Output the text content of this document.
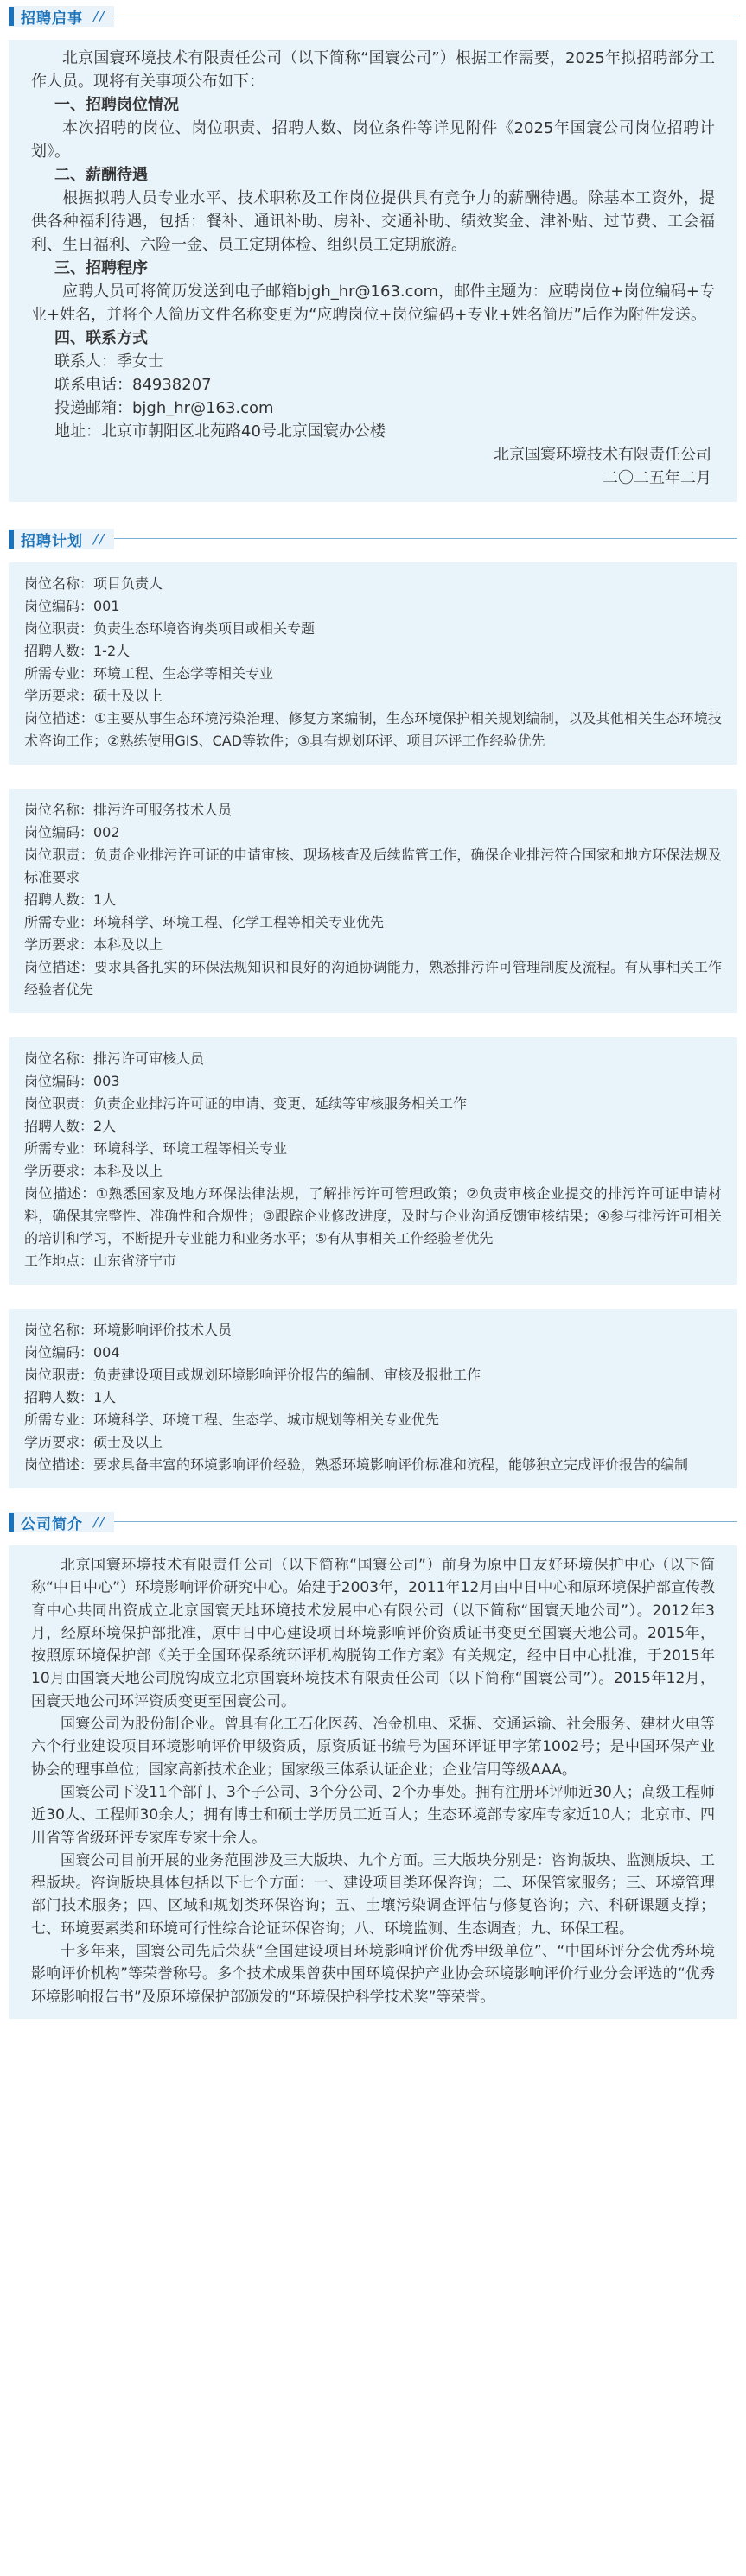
招聘启事 //

北京国寰环境技术有限责任公司（以下简称“国寰公司”）根据工作需要，2025年拟招聘部分工作人员。现将有关事项公布如下：

一、招聘岗位情况

本次招聘的岗位、岗位职责、招聘人数、岗位条件等详见附件《2025年国寰公司岗位招聘计划》。

二、薪酬待遇

根据拟聘人员专业水平、技术职称及工作岗位提供具有竞争力的薪酬待遇。除基本工资外，提供各种福利待遇，包括：餐补、通讯补助、房补、交通补助、绩效奖金、津补贴、过节费、工会福利、生日福利、六险一金、员工定期体检、组织员工定期旅游。

三、招聘程序

应聘人员可将简历发送到电子邮箱bjgh_hr@163.com，邮件主题为：应聘岗位+岗位编码+专业+姓名，并将个人简历文件名称变更为“应聘岗位+岗位编码+专业+姓名简历”后作为附件发送。

四、联系方式

联系人：季女士

联系电话：84938207

投递邮箱：bjgh_hr@163.com

地址：北京市朝阳区北苑路40号北京国寰办公楼

北京国寰环境技术有限责任公司

二〇二五年二月

招聘计划 //
岗位名称：项目负责人
岗位编码：001
岗位职责：负责生态环境咨询类项目或相关专题
招聘人数：1-2人
所需专业：环境工程、生态学等相关专业
学历要求：硕士及以上
岗位描述：①主要从事生态环境污染治理、修复方案编制，生态环境保护相关规划编制，以及其他相关生态环境技术咨询工作；②熟练使用GIS、CAD等软件；③具有规划环评、项目环评工作经验优先
岗位名称：排污许可服务技术人员
岗位编码：002
岗位职责：负责企业排污许可证的申请审核、现场核查及后续监管工作，确保企业排污符合国家和地方环保法规及标准要求
招聘人数：1人
所需专业：环境科学、环境工程、化学工程等相关专业优先
学历要求：本科及以上
岗位描述：要求具备扎实的环保法规知识和良好的沟通协调能力，熟悉排污许可管理制度及流程。有从事相关工作经验者优先
岗位名称：排污许可审核人员
岗位编码：003
岗位职责：负责企业排污许可证的申请、变更、延续等审核服务相关工作
招聘人数：2人
所需专业：环境科学、环境工程等相关专业
学历要求：本科及以上
岗位描述：①熟悉国家及地方环保法律法规，了解排污许可管理政策；②负责审核企业提交的排污许可证申请材料，确保其完整性、准确性和合规性；③跟踪企业修改进度，及时与企业沟通反馈审核结果；④参与排污许可相关的培训和学习，不断提升专业能力和业务水平；⑤有从事相关工作经验者优先
工作地点：山东省济宁市
岗位名称：环境影响评价技术人员
岗位编码：004
岗位职责：负责建设项目或规划环境影响评价报告的编制、审核及报批工作
招聘人数：1人
所需专业：环境科学、环境工程、生态学、城市规划等相关专业优先
学历要求：硕士及以上
岗位描述：要求具备丰富的环境影响评价经验，熟悉环境影响评价标准和流程，能够独立完成评价报告的编制
公司简介 //

北京国寰环境技术有限责任公司（以下简称“国寰公司”）前身为原中日友好环境保护中心（以下简称“中日中心”）环境影响评价研究中心。始建于2003年，2011年12月由中日中心和原环境保护部宣传教育中心共同出资成立北京国寰天地环境技术发展中心有限公司（以下简称“国寰天地公司”）。2012年3月，经原环境保护部批准，原中日中心建设项目环境影响评价资质证书变更至国寰天地公司。2015年，按照原环境保护部《关于全国环保系统环评机构脱钩工作方案》有关规定，经中日中心批准，于2015年10月由国寰天地公司脱钩成立北京国寰环境技术有限责任公司（以下简称“国寰公司”）。2015年12月，国寰天地公司环评资质变更至国寰公司。

国寰公司为股份制企业。曾具有化工石化医药、冶金机电、采掘、交通运输、社会服务、建材火电等六个行业建设项目环境影响评价甲级资质，原资质证书编号为国环评证甲字第1002号；是中国环保产业协会的理事单位；国家高新技术企业；国家级三体系认证企业；企业信用等级AAA。

国寰公司下设11个部门、3个子公司、3个分公司、2个办事处。拥有注册环评师近30人；高级工程师近30人、工程师30余人；拥有博士和硕士学历员工近百人；生态环境部专家库专家近10人；北京市、四川省等省级环评专家库专家十余人。

国寰公司目前开展的业务范围涉及三大版块、九个方面。三大版块分别是：咨询版块、监测版块、工程版块。咨询版块具体包括以下七个方面：一、建设项目类环保咨询；二、环保管家服务；三、环境管理部门技术服务；四、区域和规划类环保咨询；五、土壤污染调查评估与修复咨询；六、科研课题支撑；七、环境要素类和环境可行性综合论证环保咨询；八、环境监测、生态调查；九、环保工程。

十多年来，国寰公司先后荣获“全国建设项目环境影响评价优秀甲级单位”、“中国环评分会优秀环境影响评价机构”等荣誉称号。多个技术成果曾获中国环境保护产业协会环境影响评价行业分会评选的“优秀环境影响报告书”及原环境保护部颁发的“环境保护科学技术奖”等荣誉。
